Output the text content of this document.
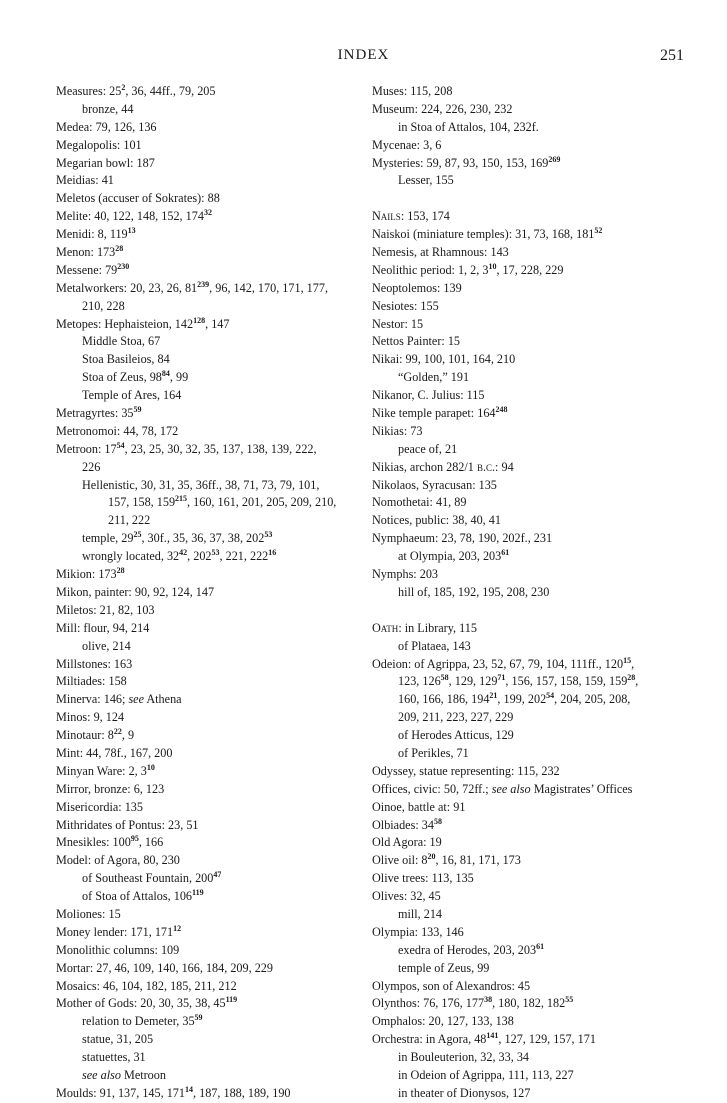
INDEX	251
Measures: $25^2$, 36, 44ff., 79, 205
bronze, 44
Medea: 79, 126, 136
Megalopolis: 101
Megarian bowl: 187
Meidias: 41
Meletos (accuser of Sokrates): 88
Melite: 40, 122, 148, 152, $174^{32}$
Menidi: 8, $119^{13}$
Menon: $173^{28}$
Messene: $79^{230}$
Metalworkers: 20, 23, 26, $81^{239}$, 96, 142, 170, 171, 177,
210, 228
Metopes: Hephaisteion, $142^{128}$, 147
Middle Stoa, 67
Stoa Basileios, 84
Stoa of Zeus, $98^{84}$, 99
Temple of Ares, 164
Metragyrtes: $35^{59}$
Metronomoi: 44, 78, 172
Metroon: $17^{54}$, 23, 25, 30, 32, 35, 137, 138, 139, 222,
226
Hellenistic, 30, 31, 35, 36ff., 38, 71, 73, 79, 101,
157, 158, $159^{215}$, 160, 161, 201, 205, 209, 210,
211, 222
temple, $29^{25}$, 30f., 35, 36, 37, 38, $202^{53}$
wrongly located, $32^{42}$, $202^{53}$, 221, $222^{16}$
Mikion: $173^{28}$
Mikon, painter: 90, 92, 124, 147
Miletos: 21, 82, 103
Mill: flour, 94, 214
olive, 214
Millstones: 163
Miltiades: 158
Minerva: 146; see Athena
Minos: 9, 124
Minotaur: $8^{22}$, 9
Mint: 44, 78f., 167, 200
Minyan Ware: 2, $3^{10}$
Mirror, bronze: 6, 123
Misericordia: 135
Mithridates of Pontus: 23, 51
Mnesikles: $100^{95}$, 166
Model: of Agora, 80, 230
of Southeast Fountain, $200^{47}$
of Stoa of Attalos, $106^{119}$
Moliones: 15
Money lender: 171, $171^{12}$
Monolithic columns: 109
Mortar: 27, 46, 109, 140, 166, 184, 209, 229
Mosaics: 46, 104, 182, 185, 211, 212
Mother of Gods: 20, 30, 35, 38, $45^{119}$
relation to Demeter, $35^{59}$
statue, 31, 205
statuettes, 31
see also Metroon
Moulds: 91, 137, 145, $171^{14}$, 187, 188, 189, 190
Muses: 115, 208
Museum: 224, 226, 230, 232
in Stoa of Attalos, 104, 232f.
Mycenae: 3, 6
Mysteries: 59, 87, 93, 150, 153, $169^{269}$
Lesser, 155
Nails: 153, 174
Naiskoi (miniature temples): 31, 73, 168, $181^{52}$
Nemesis, at Rhamnous: 143
Neolithic period: 1, 2, $3^{10}$, 17, 228, 229
Neoptolemos: 139
Nesiotes: 155
Nestor: 15
Nettos Painter: 15
Nikai: 99, 100, 101, 164, 210
“Golden,” 191
Nikanor, C. Julius: 115
Nike temple parapet: $164^{248}$
Nikias: 73
peace of, 21
Nikias, archon 282/1 b.c.: 94
Nikolaos, Syracusan: 135
Nomothetai: 41, 89
Notices, public: 38, 40, 41
Nymphaeum: 23, 78, 190, 202f., 231
at Olympia, 203, $203^{61}$
Nymphs: 203
hill of, 185, 192, 195, 208, 230
Oath: in Library, 115
of Plataea, 143
Odeion: of Agrippa, 23, 52, 67, 79, 104, 111ff., $120^{15}$,
123, $126^{58}$, 129, $129^{71}$, 156, 157, 158, 159, $159^{28}$,
160, 166, 186, $194^{21}$, 199, $202^{54}$, 204, 205, 208,
209, 211, 223, 227, 229
of Herodes Atticus, 129
of Perikles, 71
Odyssey, statue representing: 115, 232
Offices, civic: 50, 72ff.; see also Magistrates’ Offices
Oinoe, battle at: 91
Olbiades: $34^{58}$
Old Agora: 19
Olive oil: $8^{20}$, 16, 81, 171, 173
Olive trees: 113, 135
Olives: 32, 45
mill, 214
Olympia: 133, 146
exedra of Herodes, 203, $203^{61}$
temple of Zeus, 99
Olympos, son of Alexandros: 45
Olynthos: 76, 176, $177^{38}$, 180, 182, $182^{55}$
Omphalos: 20, 127, 133, 138
Orchestra: in Agora, $48^{141}$, 127, 129, 157, 171
in Bouleuterion, 32, 33, 34
in Odeion of Agrippa, 111, 113, 227
in theater of Dionysos, 127
